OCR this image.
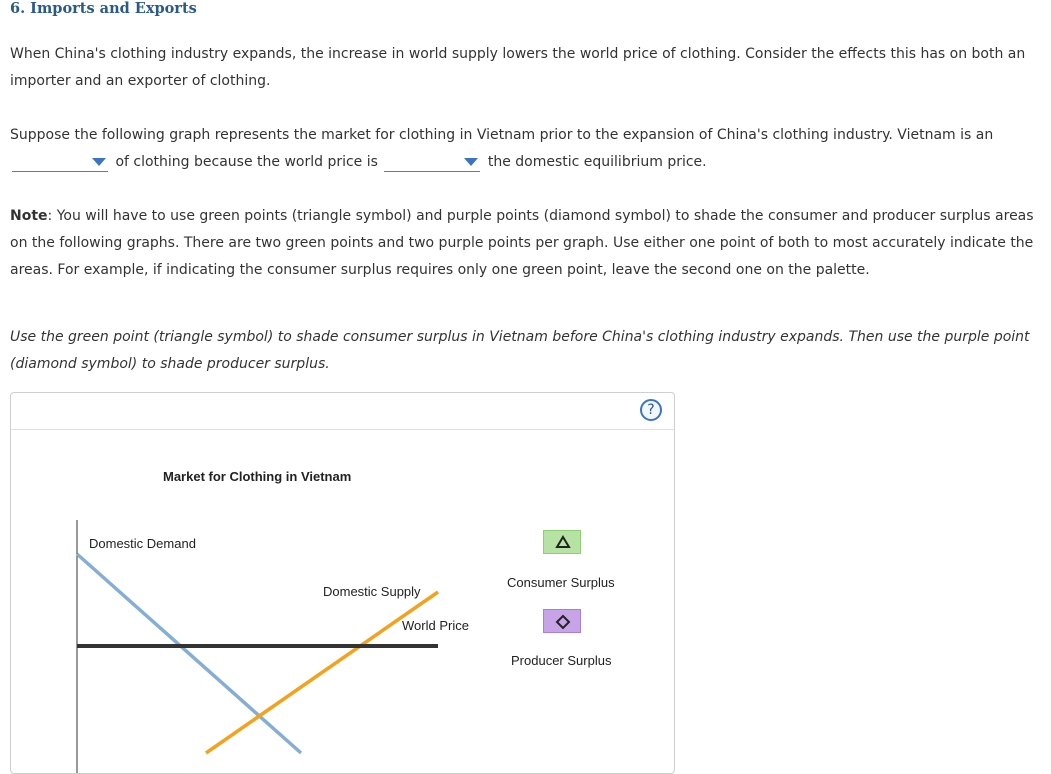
6. Imports and Exports
When China's clothing industry expands, the increase in world supply lowers the world price of clothing. Consider the effects this has on both an importer and an exporter of clothing.
Suppose the following graph represents the market for clothing in Vietnam prior to the expansion of China's clothing industry. Vietnam is an

of clothing because the world price is	the domestic equilibrium price.
Note: You will have to use green points (triangle symbol) and purple points (diamond symbol) to shade the consumer and producer surplus areas on the following graphs. There are two green points and two purple points per graph. Use either one point of both to most accurately indicate the areas. For example, if indicating the consumer surplus requires only one green point, leave the second one on the palette.
Use the green point (triangle symbol) to shade consumer surplus in Vietnam before China's clothing industry expands. Then use the purple point (diamond symbol) to shade producer surplus.
?
Market for Clothing in Vietnam
Domestic Demand
Domestic Supply
World Price
Consumer Surplus
Producer Surplus
